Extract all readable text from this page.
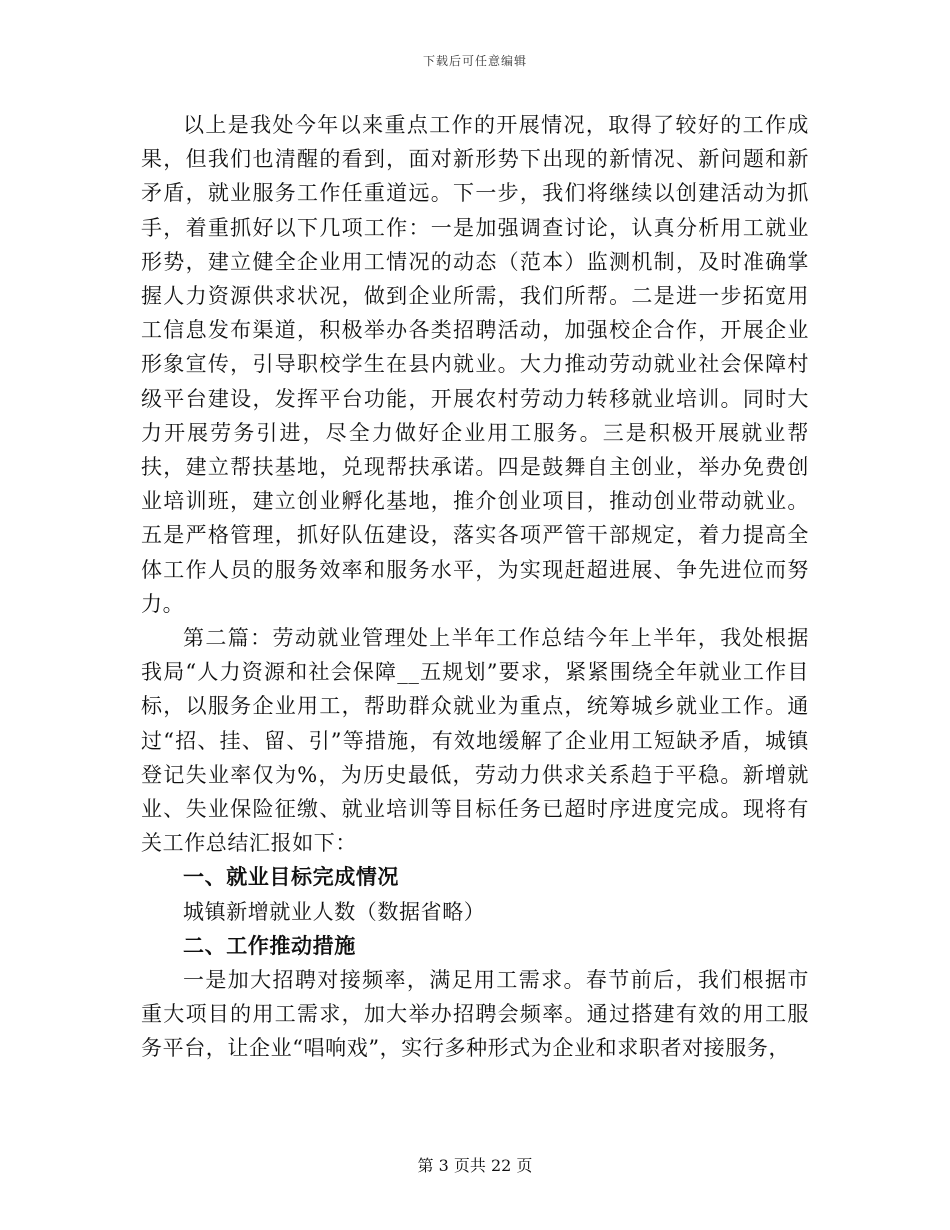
下载后可任意编辑

以上是我处今年以来重点工作的开展情况，取得了较好的工作成果，但我们也清醒的看到，面对新形势下出现的新情况、新问题和新矛盾，就业服务工作任重道远。下一步，我们将继续以创建活动为抓手，着重抓好以下几项工作：一是加强调查讨论，认真分析用工就业形势，建立健全企业用工情况的动态（范本）监测机制，及时准确掌握人力资源供求状况，做到企业所需，我们所帮。二是进一步拓宽用工信息发布渠道，积极举办各类招聘活动，加强校企合作，开展企业形象宣传，引导职校学生在县内就业。大力推动劳动就业社会保障村级平台建设，发挥平台功能，开展农村劳动力转移就业培训。同时大力开展劳务引进，尽全力做好企业用工服务。三是积极开展就业帮扶，建立帮扶基地，兑现帮扶承诺。四是鼓舞自主创业，举办免费创业培训班，建立创业孵化基地，推介创业项目，推动创业带动就业。五是严格管理，抓好队伍建设，落实各项严管干部规定，着力提高全体工作人员的服务效率和服务水平，为实现赶超进展、争先进位而努力。

第二篇：劳动就业管理处上半年工作总结今年上半年，我处根据我局“人力资源和社会保障__五规划”要求，紧紧围绕全年就业工作目标，以服务企业用工，帮助群众就业为重点，统筹城乡就业工作。通过“招、挂、留、引”等措施，有效地缓解了企业用工短缺矛盾，城镇登记失业率仅为%，为历史最低，劳动力供求关系趋于平稳。新增就业、失业保险征缴、就业培训等目标任务已超时序进度完成。现将有关工作总结汇报如下：

一、就业目标完成情况

城镇新增就业人数（数据省略）

二、工作推动措施

一是加大招聘对接频率，满足用工需求。春节前后，我们根据市重大项目的用工需求，加大举办招聘会频率。通过搭建有效的用工服务平台，让企业“唱响戏”，实行多种形式为企业和求职者对接服务，

第 3 页共 22 页
